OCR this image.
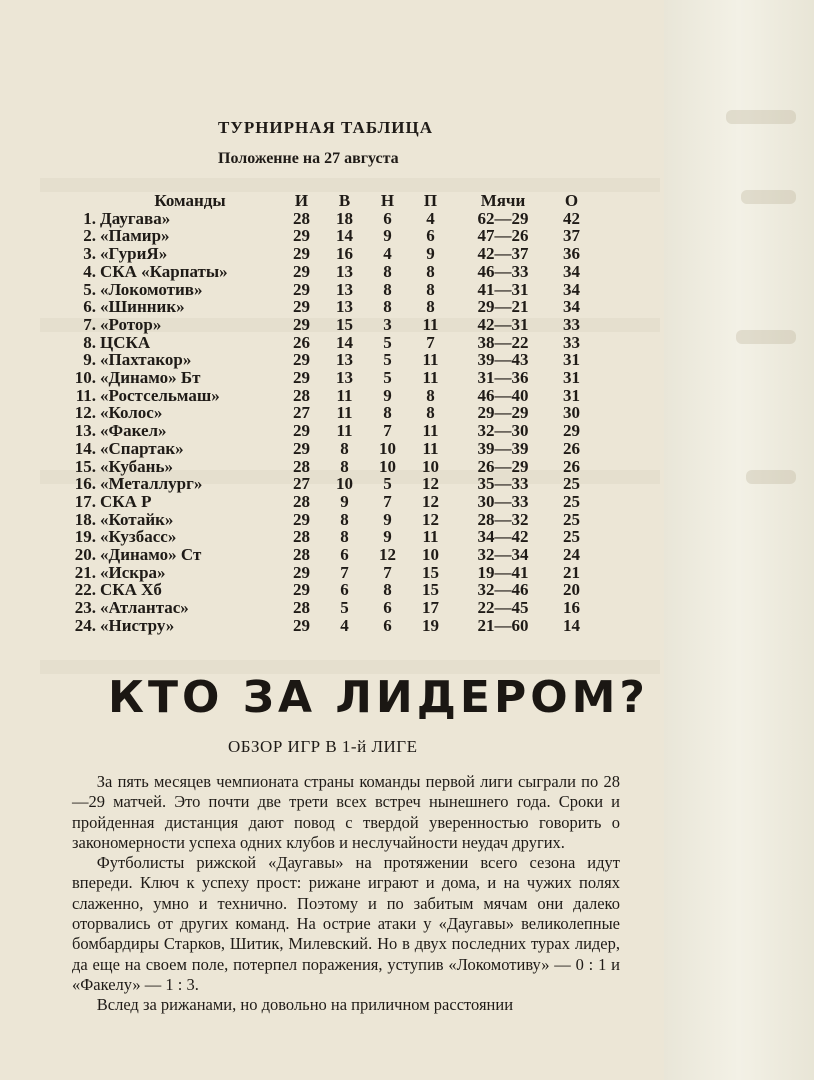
ТУРНИРНАЯ ТАБЛИЦА
Положенне на 27 августа
	Команды	И	В	Н	П	Мячи	О
1.	Даугава»	28	18	6	4	62—29	42
2.	«Памир»	29	14	9	6	47—26	37
3.	«ГуриЯ»	29	16	4	9	42—37	36
4.	СКА «Карпаты»	29	13	8	8	46—33	34
5.	«Локомотив»	29	13	8	8	41—31	34
6.	«Шинник»	29	13	8	8	29—21	34
7.	«Ротор»	29	15	3	11	42—31	33
8.	ЦСКА	26	14	5	7	38—22	33
9.	«Пахтакор»	29	13	5	11	39—43	31
10.	«Динамо» Бт	29	13	5	11	31—36	31
11.	«Ростсельмаш»	28	11	9	8	46—40	31
12.	«Колос»	27	11	8	8	29—29	30
13.	«Факел»	29	11	7	11	32—30	29
14.	«Спартак»	29	8	10	11	39—39	26
15.	«Кубань»	28	8	10	10	26—29	26
16.	«Металлург»	27	10	5	12	35—33	25
17.	СКА Р	28	9	7	12	30—33	25
18.	«Котайк»	29	8	9	12	28—32	25
19.	«Кузбасс»	28	8	9	11	34—42	25
20.	«Динамо» Ст	28	6	12	10	32—34	24
21.	«Искра»	29	7	7	15	19—41	21
22.	СКА Хб	29	6	8	15	32—46	20
23.	«Атлантас»	28	5	6	17	22—45	16
24.	«Нистру»	29	4	6	19	21—60	14
КТО ЗА ЛИДЕРОМ?
ОБЗОР ИГР В 1-й ЛИГЕ

За пять месяцев чемпионата страны команды первой лиги сыграли по 28—29 матчей. Это почти две трети всех встреч нынешнего года. Сроки и пройденная дистанция дают повод с твердой уверенностью говорить о закономерности успеха одних клубов и неслучайности неудач других.

Футболисты рижской «Даугавы» на протяжении всего сезона идут впереди. Ключ к успеху прост: рижане играют и дома, и на чужих полях слаженно, умно и технично. Поэтому и по забитым мячам они далеко оторвались от других команд. На острие атаки у «Даугавы» великолепные бомбардиры Старков, Шитик, Милевский. Но в двух последних турах лидер, да еще на своем поле, потерпел поражения, уступив «Локомотиву» — 0 : 1 и «Факелу» — 1 : 3.

Вслед за рижанами, но довольно на приличном расстоянии
